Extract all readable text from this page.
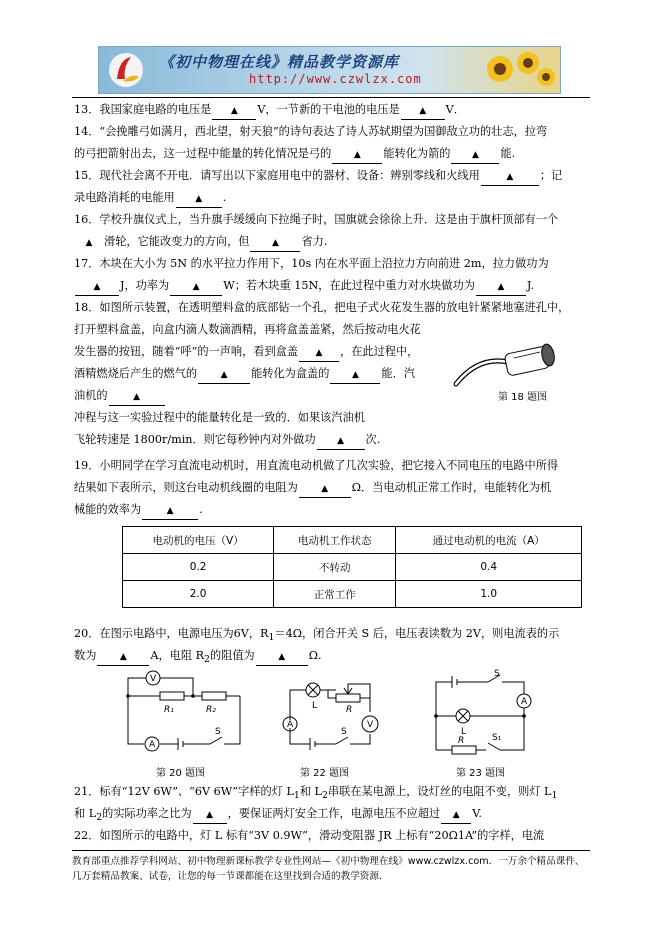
《初中物理在线》精品教学资源库
http://www.czwlzx.com
13．我国家庭电路的电压是 ▲ V，一节新的干电池的电压是 ▲ V．
14．“会挽雕弓如满月，西北望，射天狼”的诗句表达了诗人苏轼期望为国御敌立功的壮志，拉弯
的弓把箭射出去，这一过程中能量的转化情况是弓的	▲ 能转化为箭的 ▲ 能.
15．现代社会离不开电．请写出以下家庭用电中的器材、设备：辨别零线和火线用	▲ ；记
录电路消耗的电能用 ▲ .
16．学校升旗仪式上，当升旗手缓缓向下拉绳子时，国旗就会徐徐上升．这是由于旗杆顶部有一个
▲ 滑轮，它能改变力的方向，但	▲ 省力.
17．木块在大小为 5N 的水平拉力作用下，10s 内在水平面上沿拉力方向前进 2m，拉力做功为
▲ J，功率为	▲ W；若木块重 15N，在此过程中重力对水块做功为	▲ J.
18．如图所示装置，在透明塑料盒的底部钻一个孔，把电子式火花发生器的放电针紧紧地塞进孔中，
打开塑料盒盖，向盒内滴人数滴酒精，再将盒盖盖紧，然后按动电火花
发生器的按钮，随着“呼”的一声响，看到盒盖 ▲ ，在此过程中，
酒精燃烧后产生的燃气的	▲ 能转化为盒盖的	▲ 能．汽
油机的	▲
冲程与这一实验过程中的能量转化是一致的．如果该汽油机
飞轮转速是 1800r/min．则它每秒钟内对外做功 ▲ 次.
第 18 题图
19．小明同学在学习直流电动机时，用直流电动机做了几次实验，把它接入不同电压的电路中所得
结果如下表所示，则这台电动机线圈的电阻为	▲ Ω．当电动机正常工作时，电能转化为机
械能的效率为	▲ .
电动机的电压（V）	电动机工作状态	通过电动机的电流（A）
0.2	不转动	0.4
2.0	正常工作	1.0
20．在图示电路中，电源电压为6V，$R_1=4\Omega$，闭合开关 S 后，电压表读数为 2V，则电流表的示
数为	▲ A，电阻 $R_2$的阻值为	▲ Ω.
V
A
R₁	R₂
S
第 20 题图
L
A	V
R
S
第 22 题图
L
A
R
S
S₁
第 23 题图
21．标有“12V 6W”、“6V 6W”字样的灯 $L_1$和 $L_2$串联在某电源上，设灯丝的电阻不变，则灯 $L_1$
和 $L_2$的实际功率之比为 ▲ ，要保证两灯安全工作，电源电压不应超过 ▲ V.
22．如图所示的电路中，灯 L 标有“3V 0.9W”，滑动变阻器 JR 上标有“20Ω1A”的字样，电流
教育部重点推荐学科网站、初中物理新课标教学专业性网站—《初中物理在线》www.czwlzx.com．一万余个精品课件、
几万套精品教案、试卷，让您的每一节课都能在这里找到合适的教学资源．
